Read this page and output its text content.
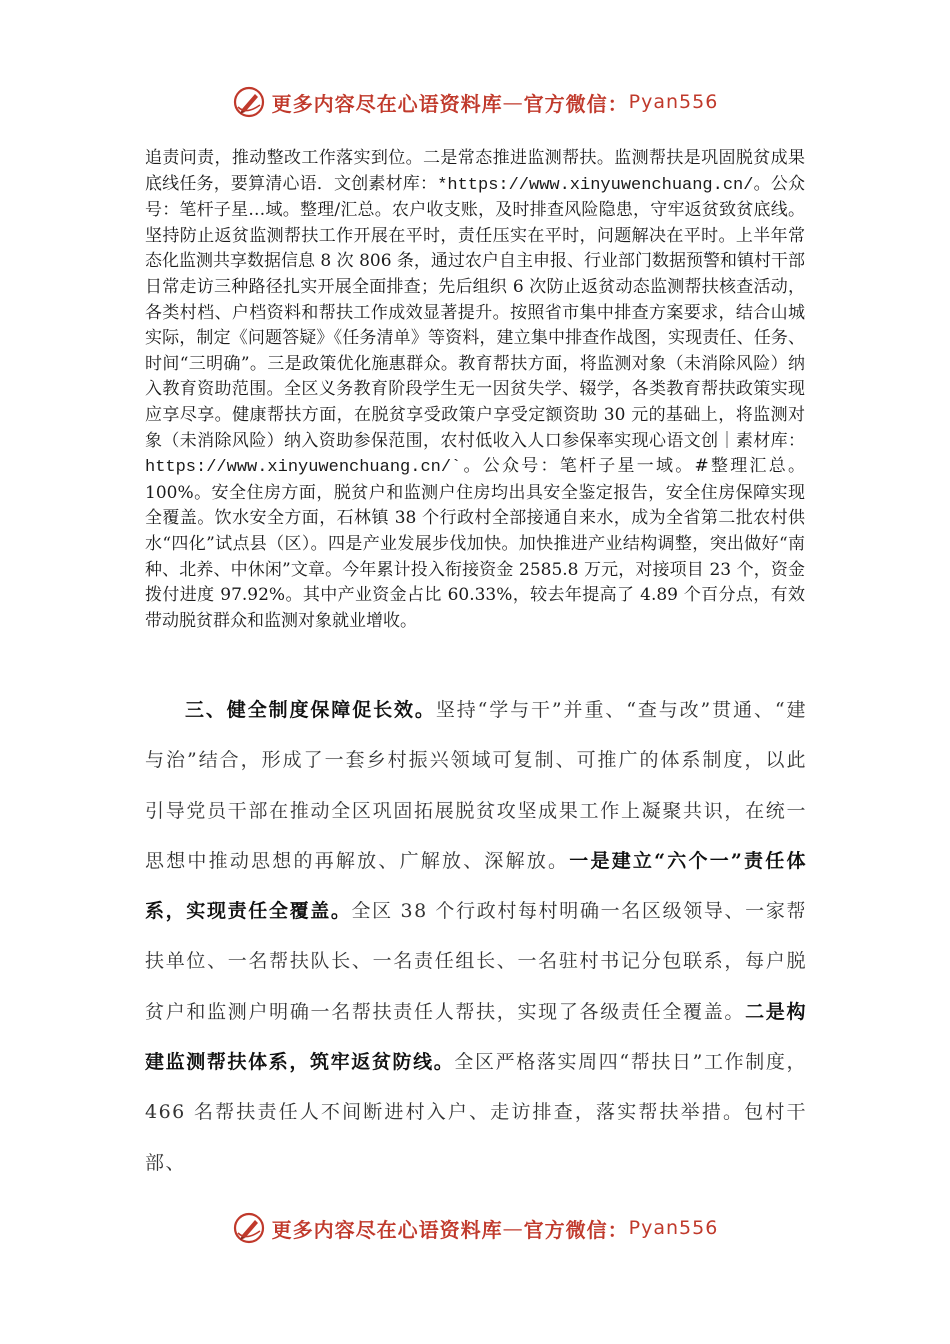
更多内容尽在心语资料库 — 官方微信： Pyan556

追责问责，推动整改工作落实到位。二是常态推进监测帮扶。监测帮扶是巩固脱贫成果底线任务，要算清心语．文创素材库：*https://www.xinyuwenchuang.cn/。公众号：笔杆子星…域。整理/汇总。农户收支账，及时排查风险隐患，守牢返贫致贫底线。坚持防止返贫监测帮扶工作开展在平时，责任压实在平时，问题解决在平时。上半年常态化监测共享数据信息 8 次 806 条，通过农户自主申报、行业部门数据预警和镇村干部日常走访三种路径扎实开展全面排查；先后组织 6 次防止返贫动态监测帮扶核查活动，各类村档、户档资料和帮扶工作成效显著提升。按照省市集中排查方案要求，结合山城实际，制定《问题答疑》《任务清单》等资料，建立集中排查作战图，实现责任、任务、时间“三明确”。三是政策优化施惠群众。教育帮扶方面，将监测对象（未消除风险）纳入教育资助范围。全区义务教育阶段学生无一因贫失学、辍学，各类教育帮扶政策实现应享尽享。健康帮扶方面，在脱贫享受政策户享受定额资助 30 元的基础上，将监测对象（未消除风险）纳入资助参保范围，农村低收入人口参保率实现心语文创｜素材库：https://www.xinyuwenchuang.cn/`。公众号：笔杆子星一域。#整理汇总。100%。安全住房方面，脱贫户和监测户住房均出具安全鉴定报告，安全住房保障实现全覆盖。饮水安全方面，石林镇 38 个行政村全部接通自来水，成为全省第二批农村供水“四化”试点县（区）。四是产业发展步伐加快。加快推进产业结构调整，突出做好“南种、北养、中休闲”文章。今年累计投入衔接资金 2585.8 万元，对接项目 23 个，资金拨付进度 97.92%。其中产业资金占比 60.33%，较去年提高了 4.89 个百分点，有效带动脱贫群众和监测对象就业增收。

三、健全制度保障促长效。坚持“学与干”并重、“查与改”贯通、“建与治”结合，形成了一套乡村振兴领域可复制、可推广的体系制度，以此引导党员干部在推动全区巩固拓展脱贫攻坚成果工作上凝聚共识，在统一思想中推动思想的再解放、广解放、深解放。一是建立“六个一”责任体系，实现责任全覆盖。全区 38 个行政村每村明确一名区级领导、一家帮扶单位、一名帮扶队长、一名责任组长、一名驻村书记分包联系，每户脱贫户和监测户明确一名帮扶责任人帮扶，实现了各级责任全覆盖。二是构建监测帮扶体系，筑牢返贫防线。全区严格落实周四“帮扶日”工作制度，466 名帮扶责任人不间断进村入户、走访排查，落实帮扶举措。包村干部、

更多内容尽在心语资料库 — 官方微信： Pyan556
